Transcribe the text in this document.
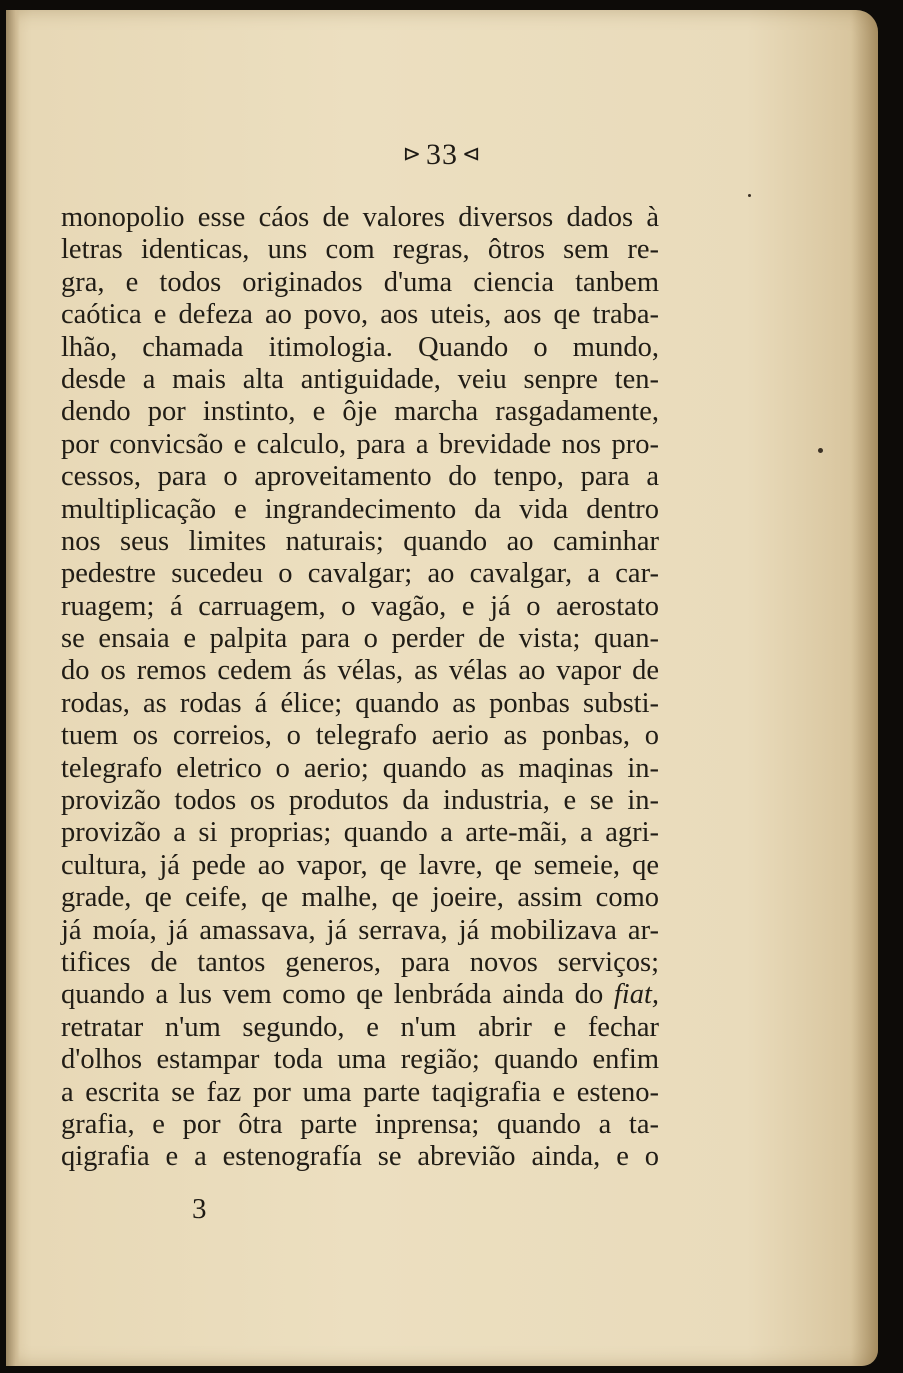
⊳ 33 ⊲
monopolio esse cáos de valores diversos dados à
letras identicas, uns com regras, ôtros sem re-
gra, e todos originados d'uma ciencia tanbem
caótica e defeza ao povo, aos uteis, aos qe traba-
lhão, chamada itimologia. Quando o mundo,
desde a mais alta antiguidade, veiu senpre ten-
dendo por instinto, e ôje marcha rasgadamente,
por convicsão e calculo, para a brevidade nos pro-
cessos, para o aproveitamento do tenpo, para a
multiplicação e ingrandecimento da vida dentro
nos seus limites naturais; quando ao caminhar
pedestre sucedeu o cavalgar; ao cavalgar, a car-
ruagem; á carruagem, o vagão, e já o aerostato
se ensaia e palpita para o perder de vista; quan-
do os remos cedem ás vélas, as vélas ao vapor de
rodas, as rodas á élice; quando as ponbas substi-
tuem os correios, o telegrafo aerio as ponbas, o
telegrafo eletrico o aerio; quando as maqinas in-
provizão todos os produtos da industria, e se in-
provizão a si proprias; quando a arte-mãi, a agri-
cultura, já pede ao vapor, qe lavre, qe semeie, qe
grade, qe ceife, qe malhe, qe joeire, assim como
já moía, já amassava, já serrava, já mobilizava ar-
tifices de tantos generos, para novos serviços;
quando a lus vem como qe lenbráda ainda do fiat,
retratar n'um segundo, e n'um abrir e fechar
d'olhos estampar toda uma região; quando enfim
a escrita se faz por uma parte taqigrafia e esteno-
grafia, e por ôtra parte inprensa; quando a ta-
qigrafia e a estenografía se abrevião ainda, e o
3
